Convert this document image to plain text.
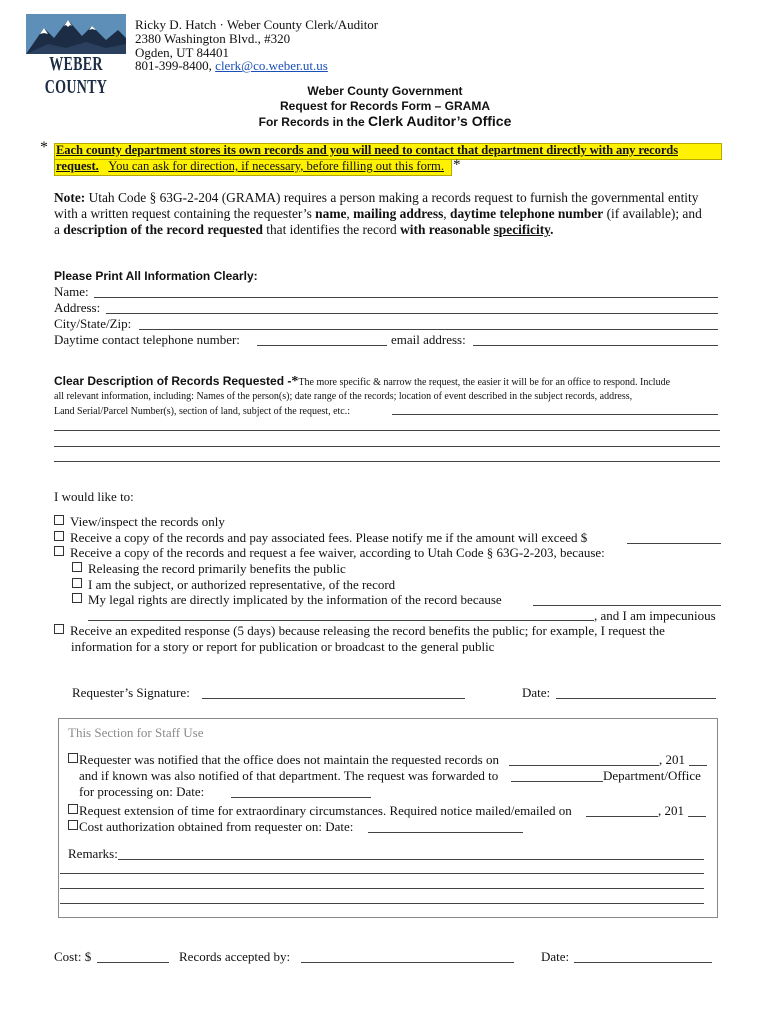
WEBER COUNTY
Ricky D. Hatch · Weber County Clerk/Auditor
2380 Washington Blvd., #320
Ogden, UT 84401
801-399-8400, clerk@co.weber.ut.us
Weber County Government
Request for Records Form – GRAMA
For Records in the Clerk Auditor’s Office
* Each county department stores its own records and you will need to contact that department directly with any records
request. You can ask for direction, if necessary, before filling out this form. *
Note: Utah Code § 63G-2-204 (GRAMA) requires a person making a records request to furnish the governmental entity
with a written request containing the requester’s name, mailing address, daytime telephone number (if available); and
a description of the record requested that identifies the record with reasonable specificity.
Please Print All Information Clearly:
Name:
Address:
City/State/Zip:
Daytime contact telephone number:	email address:
Clear Description of Records Requested -*The more specific & narrow the request, the easier it will be for an office to respond. Include
all relevant information, including: Names of the person(s); date range of the records; location of event described in the subject records, address,
Land Serial/Parcel Number(s), section of land, subject of the request, etc.:
I would like to:
View/inspect the records only
Receive a copy of the records and pay associated fees. Please notify me if the amount will exceed $
Receive a copy of the records and request a fee waiver, according to Utah Code § 63G-2-203, because:
Releasing the record primarily benefits the public
I am the subject, or authorized representative, of the record
My legal rights are directly implicated by the information of the record because
, and I am impecunious
Receive an expedited response (5 days) because releasing the record benefits the public; for example, I request the
information for a story or report for publication or broadcast to the general public
Requester’s Signature:	Date:
This Section for Staff Use
Requester was notified that the office does not maintain the requested records on	, 201
and if known was also notified of that department. The request was forwarded to	Department/Office
for processing on: Date:
Request extension of time for extraordinary circumstances. Required notice mailed/emailed on	, 201
Cost authorization obtained from requester on: Date:
Remarks:
Cost: $	Records accepted by:	Date:
